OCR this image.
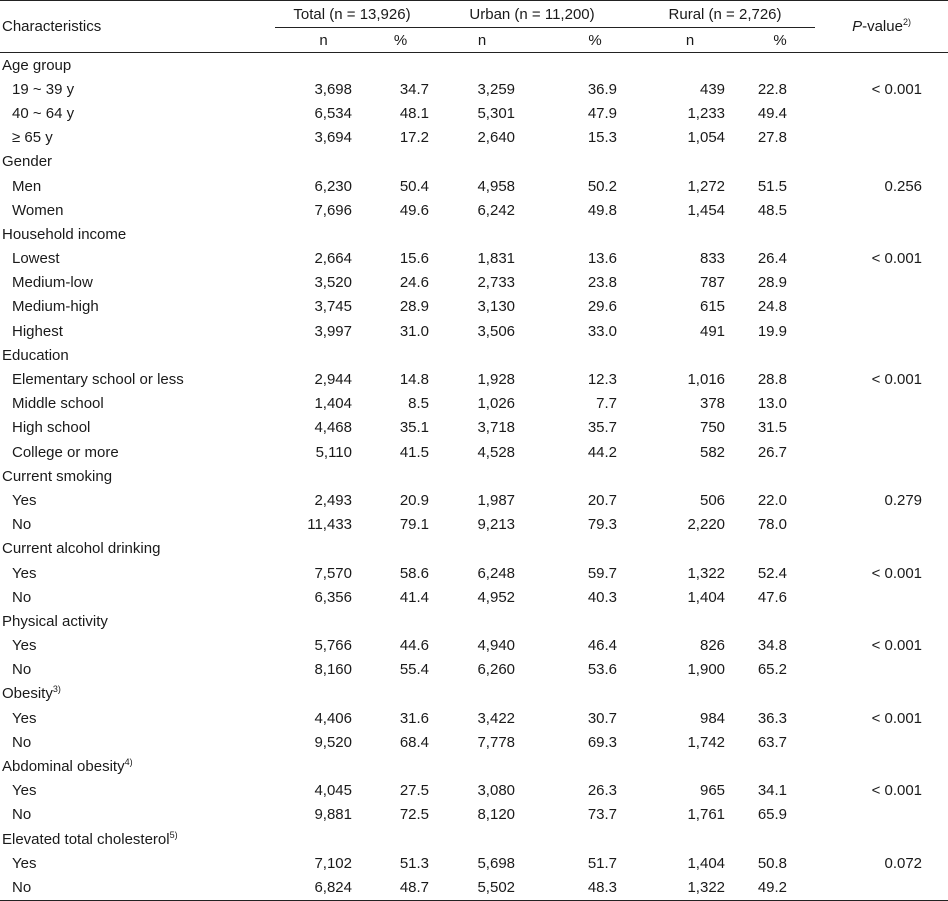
Characteristics	Total (n = 13,926)		Urban (n = 11,200)		Rural (n = 2,726)		P-value$^{2)}$
	n	%	n	%	n	%	
Age group							
19 ~ 39 y	3,698	34.7	3,259	36.9	439	22.8	< 0.001
40 ~ 64 y	6,534	48.1	5,301	47.9	1,233	49.4	
≥ 65 y	3,694	17.2	2,640	15.3	1,054	27.8	
Gender							
Men	6,230	50.4	4,958	50.2	1,272	51.5	0.256
Women	7,696	49.6	6,242	49.8	1,454	48.5	
Household income							
Lowest	2,664	15.6	1,831	13.6	833	26.4	< 0.001
Medium-low	3,520	24.6	2,733	23.8	787	28.9	
Medium-high	3,745	28.9	3,130	29.6	615	24.8	
Highest	3,997	31.0	3,506	33.0	491	19.9	
Education							
Elementary school or less	2,944	14.8	1,928	12.3	1,016	28.8	< 0.001
Middle school	1,404	8.5	1,026	7.7	378	13.0	
High school	4,468	35.1	3,718	35.7	750	31.5	
College or more	5,110	41.5	4,528	44.2	582	26.7	
Current smoking							
Yes	2,493	20.9	1,987	20.7	506	22.0	0.279
No	11,433	79.1	9,213	79.3	2,220	78.0	
Current alcohol drinking							
Yes	7,570	58.6	6,248	59.7	1,322	52.4	< 0.001
No	6,356	41.4	4,952	40.3	1,404	47.6	
Physical activity							
Yes	5,766	44.6	4,940	46.4	826	34.8	< 0.001
No	8,160	55.4	6,260	53.6	1,900	65.2	
Obesity$^{3)}$							
Yes	4,406	31.6	3,422	30.7	984	36.3	< 0.001
No	9,520	68.4	7,778	69.3	1,742	63.7	
Abdominal obesity$^{4)}$							
Yes	4,045	27.5	3,080	26.3	965	34.1	< 0.001
No	9,881	72.5	8,120	73.7	1,761	65.9	
Elevated total cholesterol$^{5)}$							
Yes	7,102	51.3	5,698	51.7	1,404	50.8	0.072
No	6,824	48.7	5,502	48.3	1,322	49.2	
